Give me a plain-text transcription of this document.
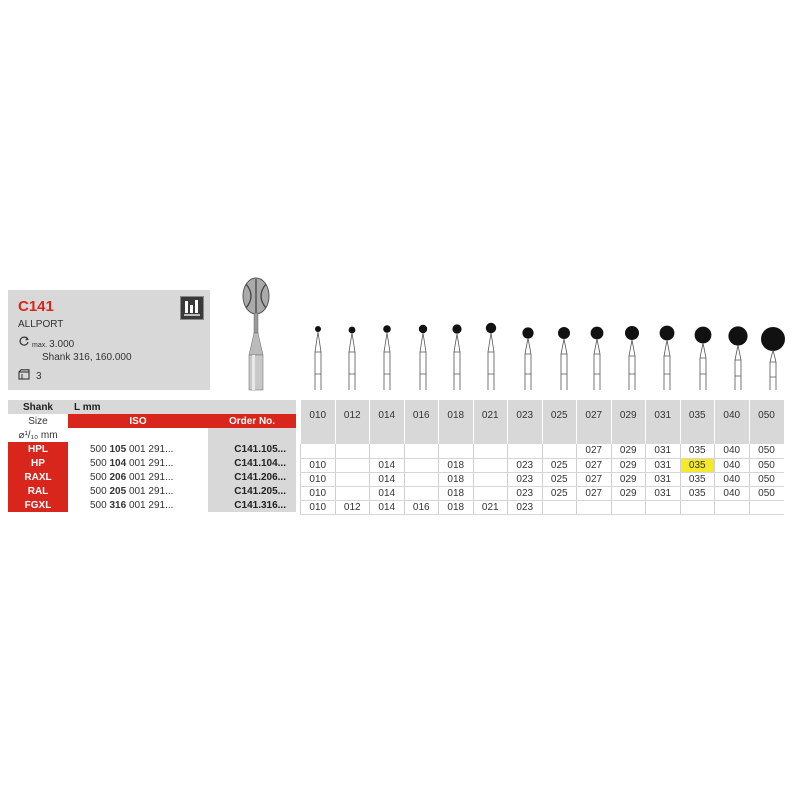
C141
ALLPORT
max. 3.000
Shank 316, 160.000
3
Shank	L mm	
Size	ISO	Order No.
⌀¹/₁₀ mm		
HPL	500 105 001 291...	C141.105...
HP	500 104 001 291...	C141.104...
RAXL	500 206 001 291...	C141.206...
RAL	500 205 001 291...	C141.205...
FGXL	500 316 001 291...	C141.316...
010	012	014	016	018	021	023	025	027	029	031	035	040	050

								027	029	031	035	040	050
010		014		018		023	025	027	029	031	035	040	050
010		014		018		023	025	027	029	031	035	040	050
010		014		018		023	025	027	029	031	035	040	050
010	012	014	016	018	021	023							
